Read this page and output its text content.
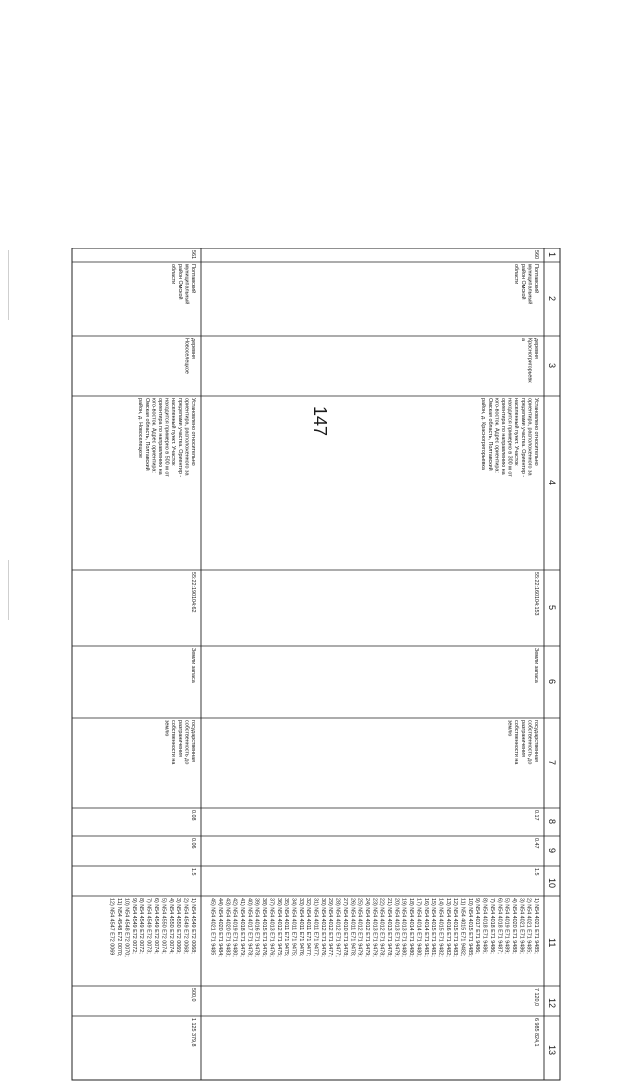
147
1
2
3
4
5
6
7
8
9
10
11
12
13
560
Полтавский
муниципальный
район Омской
области
деревня
Красногригорьевк
а
Установлено относительно
ориентира, расположенного за
пределами участка. Ориентир -
населенный пункт. Участок
находится примерно в 300 м от
ориентира по направлению на
юго-восток. Адрес ориентира:
Омская область, Полтавский
район, д. Красногригорьевка
55:22:160104:153
Земли запаса
государственная
собственность до
разграничения
собственности на
землю
0.17
0.47
1.5
1) N54 4021 E71 9485;
2) N54 4021 E71 9485;
3) N54 4021 E71 9486;
4) N54 4020 E71 9488;
5) N54 4019 E71 9489;
6) N54 4018 E71 9487;
7) N54 4018 E71 9486;
8) N54 4018 E71 9486;
9) N54 4017 E71 9486;
10) N54 4015 E71 9485;
11) N54 4015 E71 9482;
12) N54 4015 E71 9483;
13) N54 4016 E71 9482;
14) N54 4015 E71 9482;
15) N54 4015 E71 9481;
16) N54 4014 E71 9481;
17) N54 4014 E71 9480;
18) N54 4014 E71 9480;
19) N54 4013 E71 9480;
20) N54 4013 E71 9479;
21) N54 4013 E71 9478;
22) N54 4012 E71 9478;
23) N54 4013 E71 9479;
24) N54 4012 E71 9479;
25) N54 4012 E71 9479;
26) N54 4011 E71 9478;
27) N54 4010 E71 9478;
28) N54 4012 E71 9477;
29) N54 4012 E71 9477;
30) N54 4012 E71 9476;
31) N54 4011 E71 9477;
32) N54 4011 E71 9477;
33) N54 4011 E71 9476;
34) N54 4011 E71 9475;
35) N54 4011 E71 9475;
36) N54 4012 E71 9475;
37) N54 4013 E71 9476;
38) N54 4015 E71 9476;
39) N54 4016 E71 9478;
40) N54 4017 E71 9478;
41) N54 4018 E71 9479;
42) N54 4019 E71 9480;
43) N54 4020 E71 9483;
44) N54 4020 E71 9484;
45) N54 4021 E71 9485
7 120,0
6 985 824,1
561
Полтавский
муниципальный
район Омской
области
деревня
Новоселецкое
Установлено относительно
ориентира, расположенного за
пределами участка. Ориентир -
населенный пункт. Участок
находится примерно в 500 м от
ориентира по направлению на
юго-восток. Адрес ориентира:
Омская область, Полтавский
район, д. Новоселецкое
55:22:190104:62
Земли запаса
государственная
собственность до
разграничения
собственности на
землю
0.08
0.06
1.5
1) N54 4549 E72 0068;
2) N54 4549 E72 0068;
3) N54 4550 E72 0069;
4) N54 4550 E72 0074;
5) N54 4550 E72 0074;
6) N54 4549 E72 0074;
7) N54 4549 E72 0073;
8) N54 4549 E72 0072;
9) N54 4549 E72 0072;
10) N54 4548 E72 0070;
11) N54 4548 E72 0070;
12) N54 4547 E72 0069
500,0
1 125 379,8
